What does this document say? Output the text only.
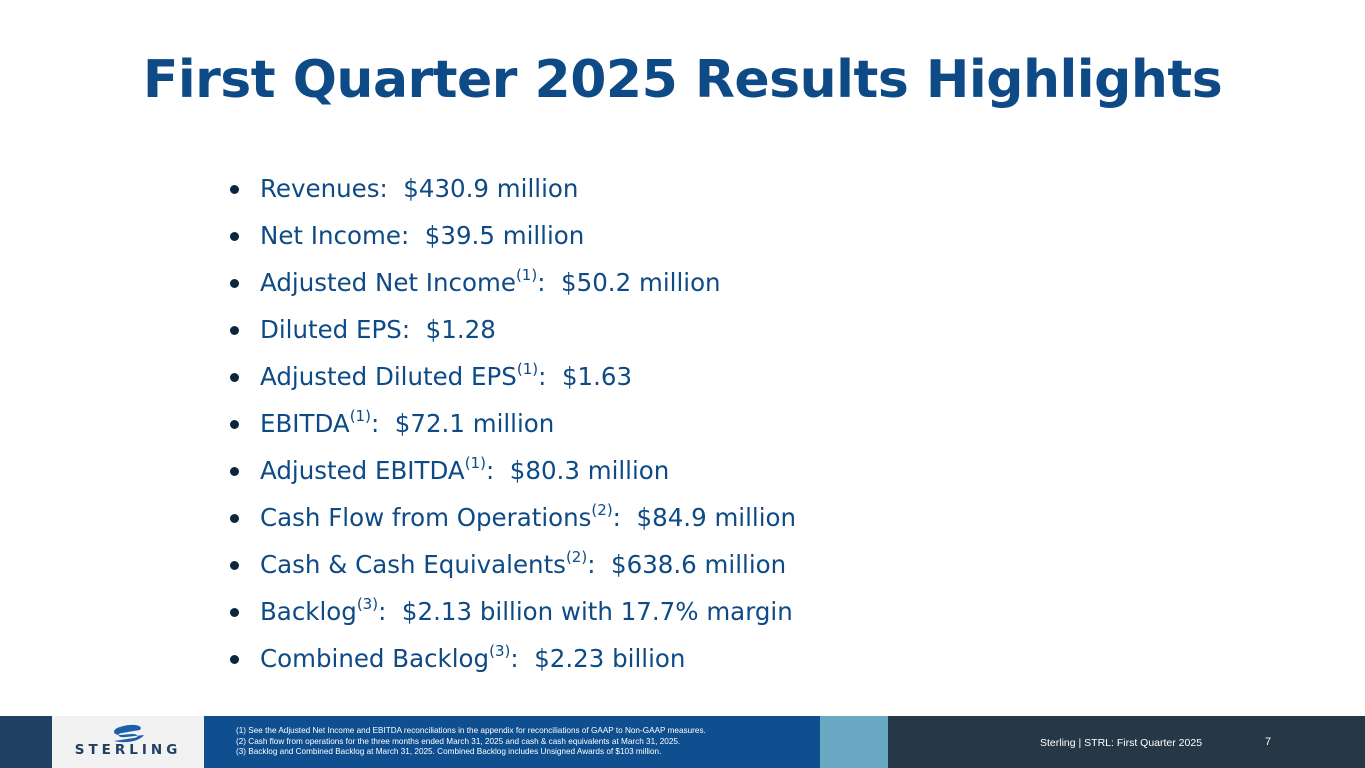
First Quarter 2025 Results Highlights
Revenues: $430.9 million
Net Income: $39.5 million
Adjusted Net Income$^{(1)}$:  $50.2 million
Diluted EPS: $1.28
Adjusted Diluted EPS$^{(1)}$:  $1.63
EBITDA$^{(1)}$:  $72.1 million
Adjusted EBITDA$^{(1)}$:  $80.3 million
Cash Flow from Operations$^{(2)}$:  $84.9 million
Cash & Cash Equivalents$^{(2)}$:  $638.6 million
Backlog$^{(3)}$:  $2.13 billion with 17.7% margin
Combined Backlog$^{(3)}$:  $2.23 billion
STERLING
(1) See the Adjusted Net Income and EBITDA reconciliations in the appendix for reconciliations of GAAP to Non-GAAP measures.
(2) Cash flow from operations for the three months ended March 31, 2025 and cash & cash equivalents at March 31, 2025.
(3) Backlog and Combined Backlog at March 31, 2025. Combined Backlog includes Unsigned Awards of $103 million.
Sterling | STRL: First Quarter 2025	7
